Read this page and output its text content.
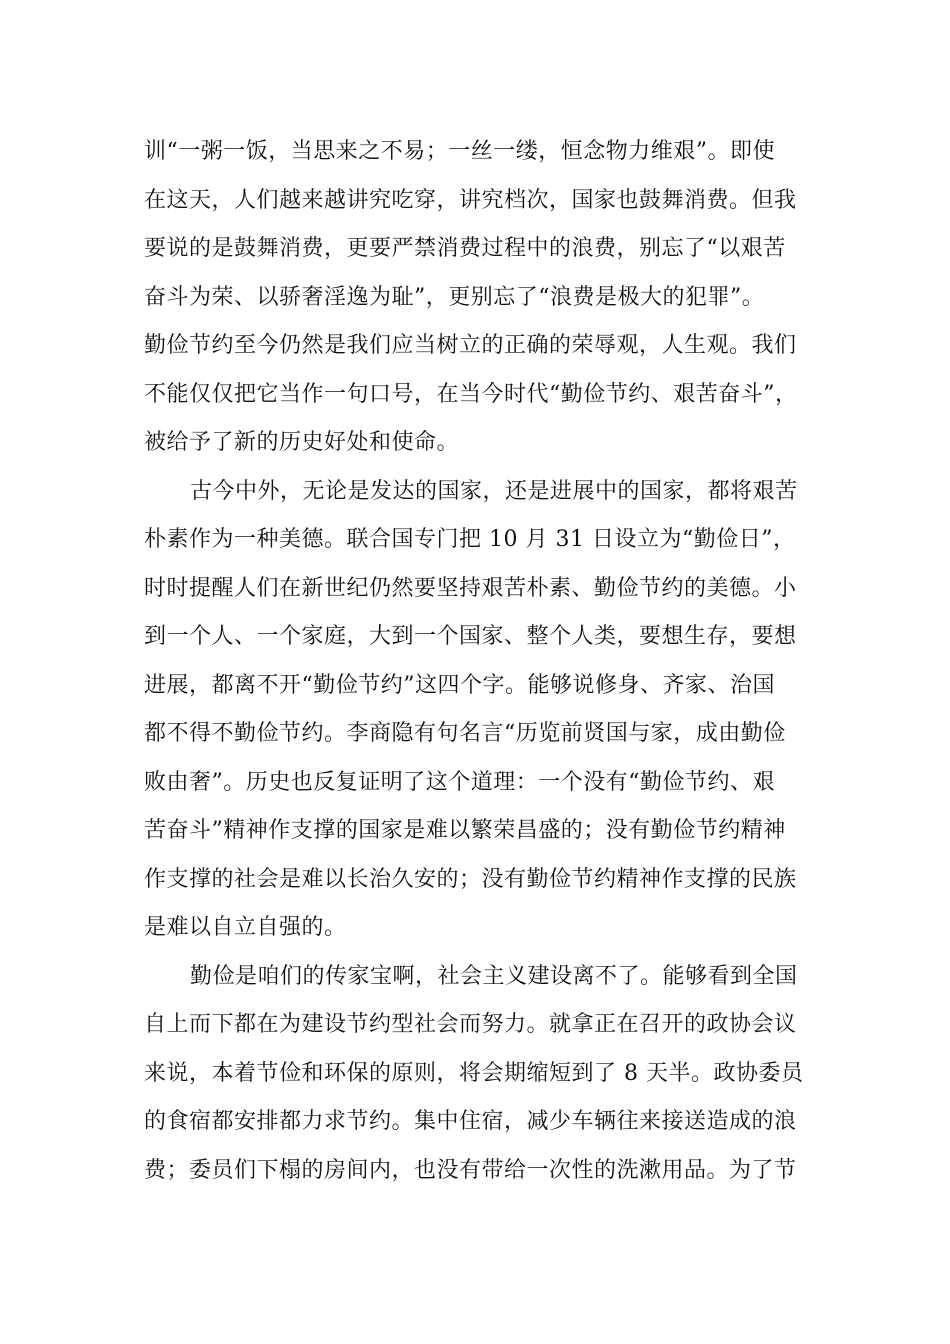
训“一粥一饭，当思来之不易；一丝一缕，恒念物力维艰”。即使
在这天，人们越来越讲究吃穿，讲究档次，国家也鼓舞消费。但我
要说的是鼓舞消费，更要严禁消费过程中的浪费，别忘了“以艰苦
奋斗为荣、以骄奢淫逸为耻”，更别忘了“浪费是极大的犯罪”。
勤俭节约至今仍然是我们应当树立的正确的荣辱观，人生观。我们
不能仅仅把它当作一句口号，在当今时代“勤俭节约、艰苦奋斗”，
被给予了新的历史好处和使命。
古今中外，无论是发达的国家，还是进展中的国家，都将艰苦
朴素作为一种美德。联合国专门把 10 月 31 日设立为“勤俭日”，
时时提醒人们在新世纪仍然要坚持艰苦朴素、勤俭节约的美德。小
到一个人、一个家庭，大到一个国家、整个人类，要想生存，要想
进展，都离不开“勤俭节约”这四个字。能够说修身、齐家、治国
都不得不勤俭节约。李商隐有句名言“历览前贤国与家，成由勤俭
败由奢”。历史也反复证明了这个道理：一个没有“勤俭节约、艰
苦奋斗”精神作支撑的国家是难以繁荣昌盛的；没有勤俭节约精神
作支撑的社会是难以长治久安的；没有勤俭节约精神作支撑的民族
是难以自立自强的。
勤俭是咱们的传家宝啊，社会主义建设离不了。能够看到全国
自上而下都在为建设节约型社会而努力。就拿正在召开的政协会议
来说，本着节俭和环保的原则，将会期缩短到了 8 天半。政协委员
的食宿都安排都力求节约。集中住宿，减少车辆往来接送造成的浪
费；委员们下榻的房间内，也没有带给一次性的洗漱用品。为了节
